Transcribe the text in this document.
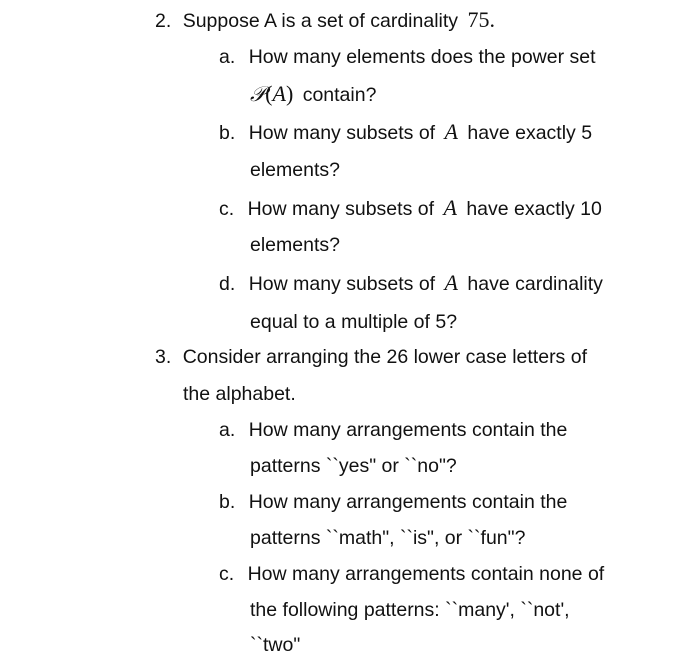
2. Suppose A is a set of cardinality 75.
a. How many elements does the power set
𝒫(A) contain?
b. How many subsets of A have exactly 5
elements?
c. How many subsets of A have exactly 10
elements?
d. How many subsets of A have cardinality
equal to a multiple of 5?
3. Consider arranging the 26 lower case letters of
the alphabet.
a. How many arrangements contain the
patterns ``yes" or ``no"?
b. How many arrangements contain the
patterns ``math", ``is", or ``fun"?
c. How many arrangements contain none of
the following patterns: ``many', ``not',
``two"
